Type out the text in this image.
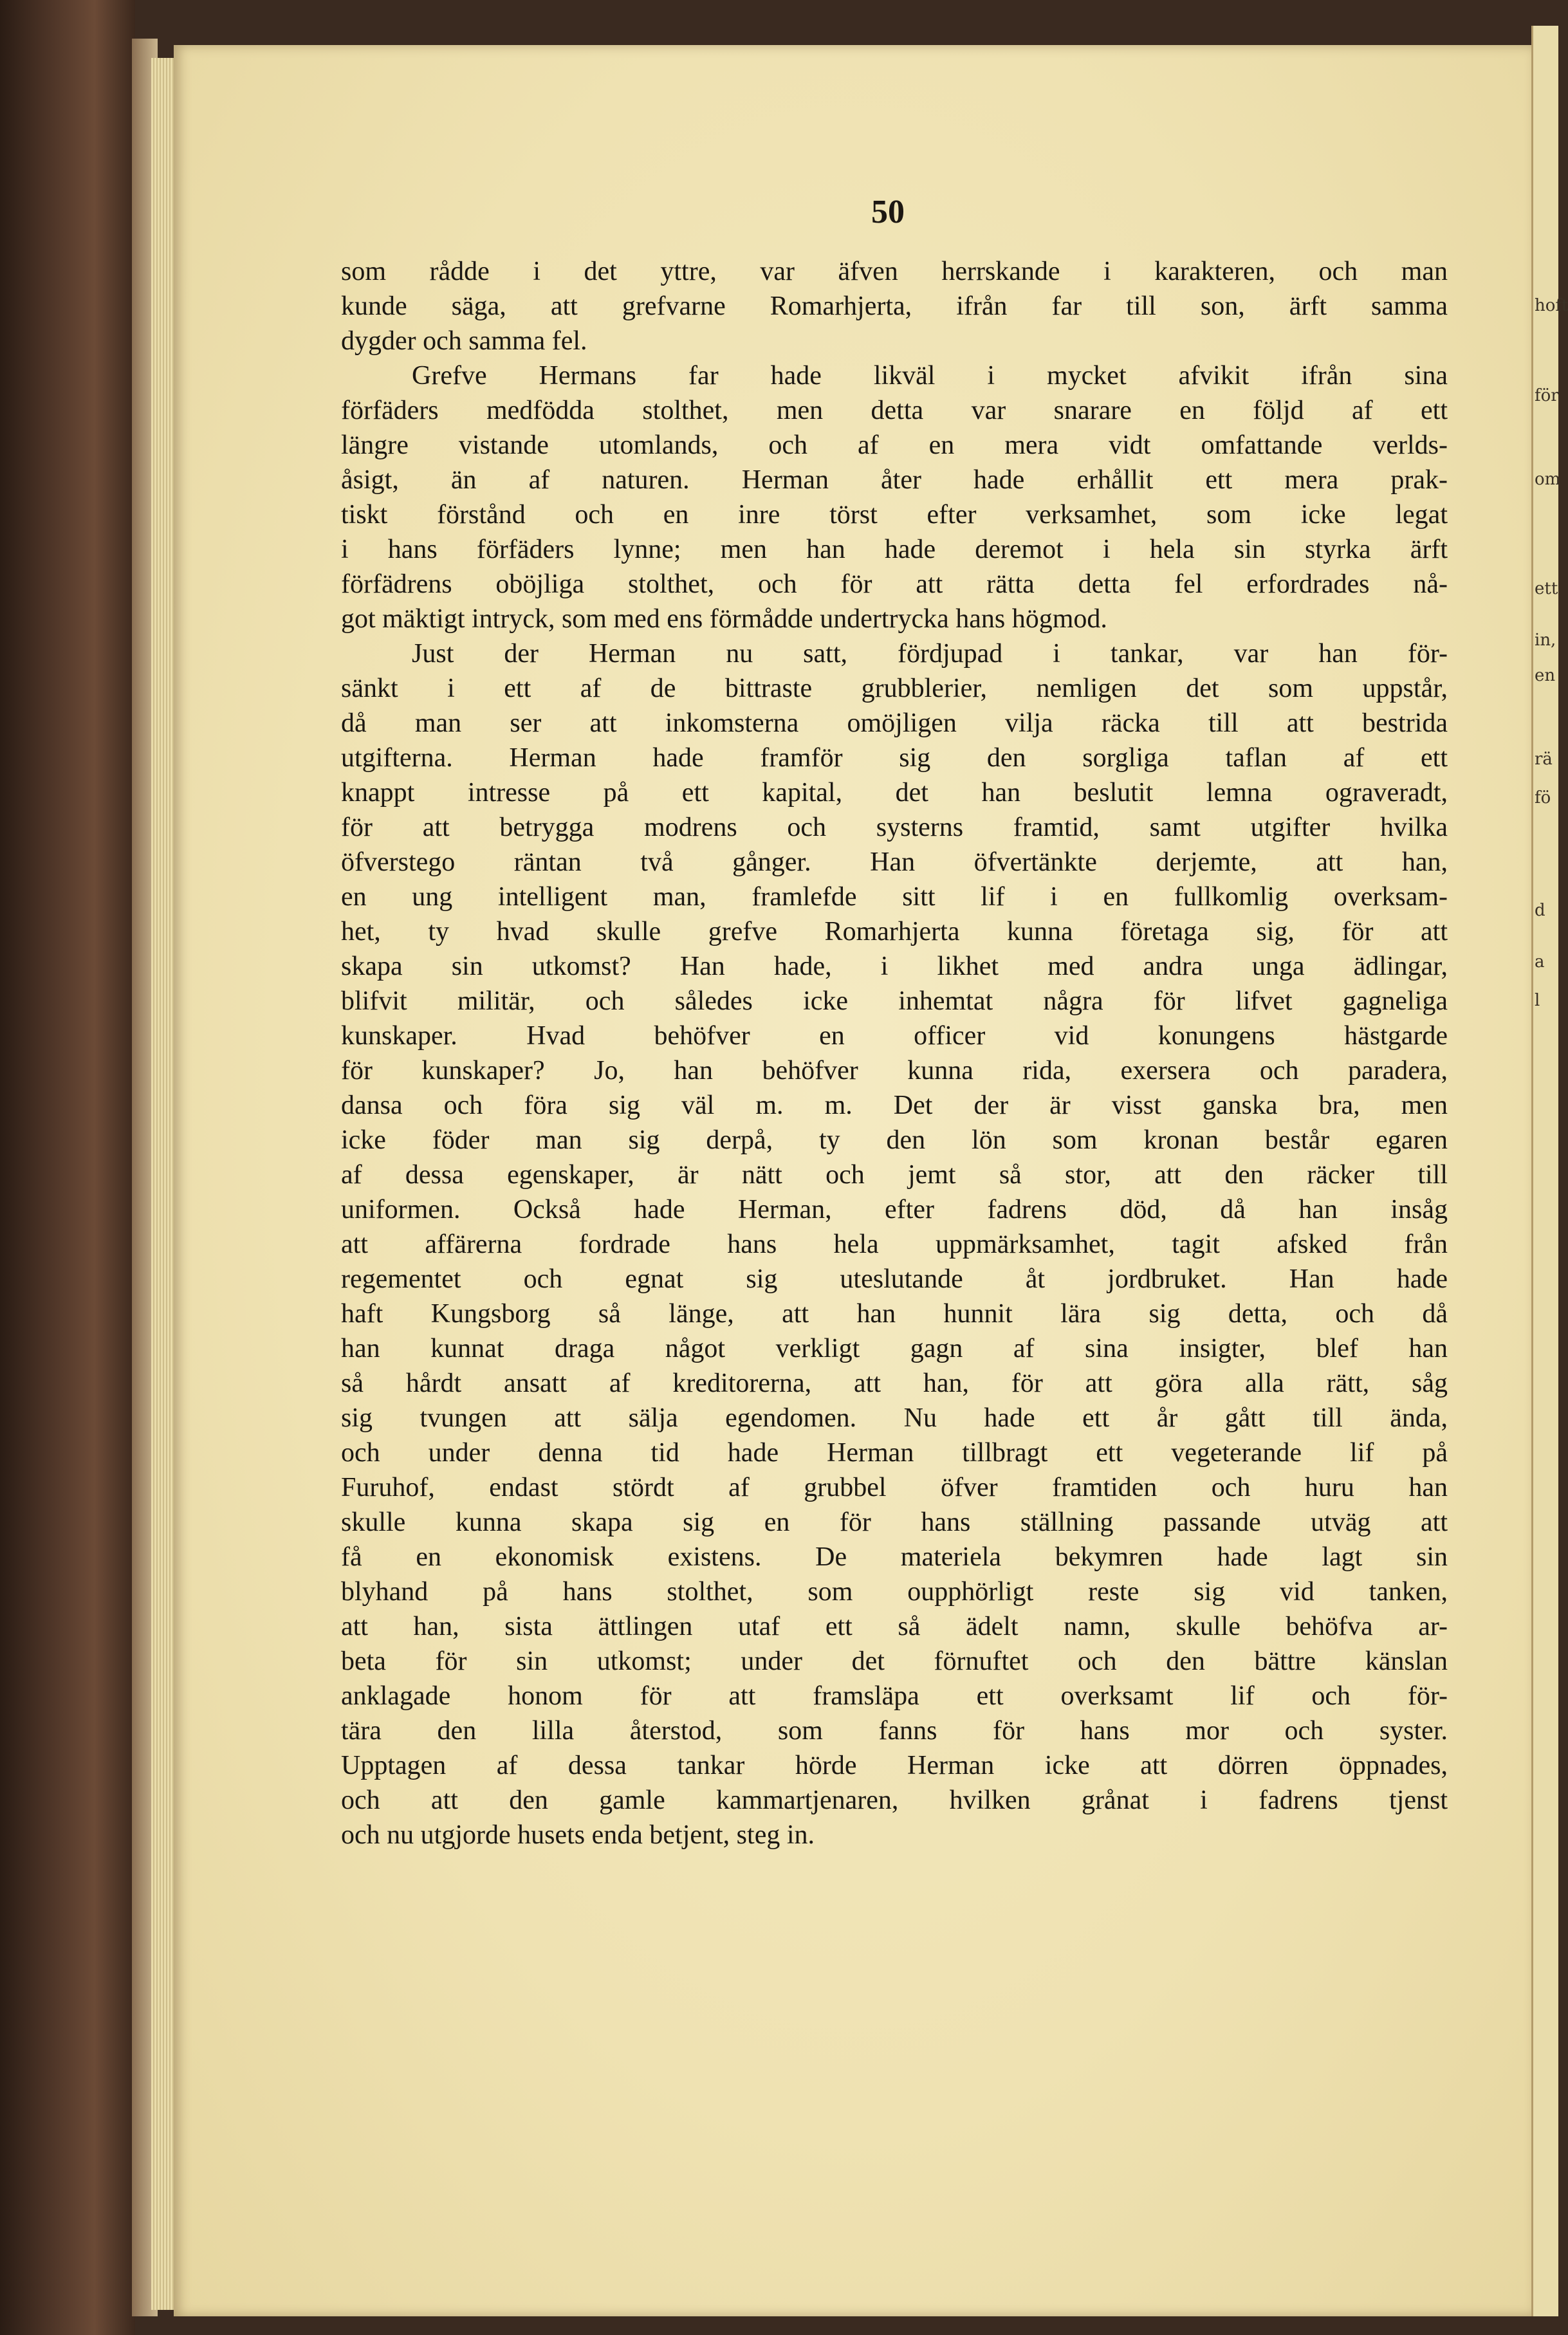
hoft
för
om
ett
in,
en
rä
fö
d
a
l
50
som rådde i det yttre, var äfven herrskande i karakteren, och man
kunde säga, att grefvarne Romarhjerta, ifrån far till son, ärft samma
dygder och samma fel.
Grefve Hermans far hade likväl i mycket afvikit ifrån sina
förfäders medfödda stolthet, men detta var snarare en följd af ett
längre vistande utomlands, och af en mera vidt omfattande verlds-
åsigt, än af naturen. Herman åter hade erhållit ett mera prak-
tiskt förstånd och en inre törst efter verksamhet, som icke legat
i hans förfäders lynne; men han hade deremot i hela sin styrka ärft
förfädrens oböjliga stolthet, och för att rätta detta fel erfordrades nå-
got mäktigt intryck, som med ens förmådde undertrycka hans högmod.
Just der Herman nu satt, fördjupad i tankar, var han för-
sänkt i ett af de bittraste grubblerier, nemligen det som uppstår,
då man ser att inkomsterna omöjligen vilja räcka till att bestrida
utgifterna. Herman hade framför sig den sorgliga taflan af ett
knappt intresse på ett kapital, det han beslutit lemna ograveradt,
för att betrygga modrens och systerns framtid, samt utgifter hvilka
öfverstego räntan två gånger. Han öfvertänkte derjemte, att han,
en ung intelligent man, framlefde sitt lif i en fullkomlig overksam-
het, ty hvad skulle grefve Romarhjerta kunna företaga sig, för att
skapa sin utkomst? Han hade, i likhet med andra unga ädlingar,
blifvit militär, och således icke inhemtat några för lifvet gagneliga
kunskaper. Hvad behöfver en officer vid konungens hästgarde
för kunskaper? Jo, han behöfver kunna rida, exersera och paradera,
dansa och föra sig väl m. m. Det der är visst ganska bra, men
icke föder man sig derpå, ty den lön som kronan består egaren
af dessa egenskaper, är nätt och jemt så stor, att den räcker till
uniformen. Också hade Herman, efter fadrens död, då han insåg
att affärerna fordrade hans hela uppmärksamhet, tagit afsked från
regementet och egnat sig uteslutande åt jordbruket. Han hade
haft Kungsborg så länge, att han hunnit lära sig detta, och då
han kunnat draga något verkligt gagn af sina insigter, blef han
så hårdt ansatt af kreditorerna, att han, för att göra alla rätt, såg
sig tvungen att sälja egendomen. Nu hade ett år gått till ända,
och under denna tid hade Herman tillbragt ett vegeterande lif på
Furuhof, endast stördt af grubbel öfver framtiden och huru han
skulle kunna skapa sig en för hans ställning passande utväg att
få en ekonomisk existens. De materiela bekymren hade lagt sin
blyhand på hans stolthet, som oupphörligt reste sig vid tanken,
att han, sista ättlingen utaf ett så ädelt namn, skulle behöfva ar-
beta för sin utkomst; under det förnuftet och den bättre känslan
anklagade honom för att framsläpa ett overksamt lif och för-
tära den lilla återstod, som fanns för hans mor och syster.
Upptagen af dessa tankar hörde Herman icke att dörren öppnades,
och att den gamle kammartjenaren, hvilken grånat i fadrens tjenst
och nu utgjorde husets enda betjent, steg in.
